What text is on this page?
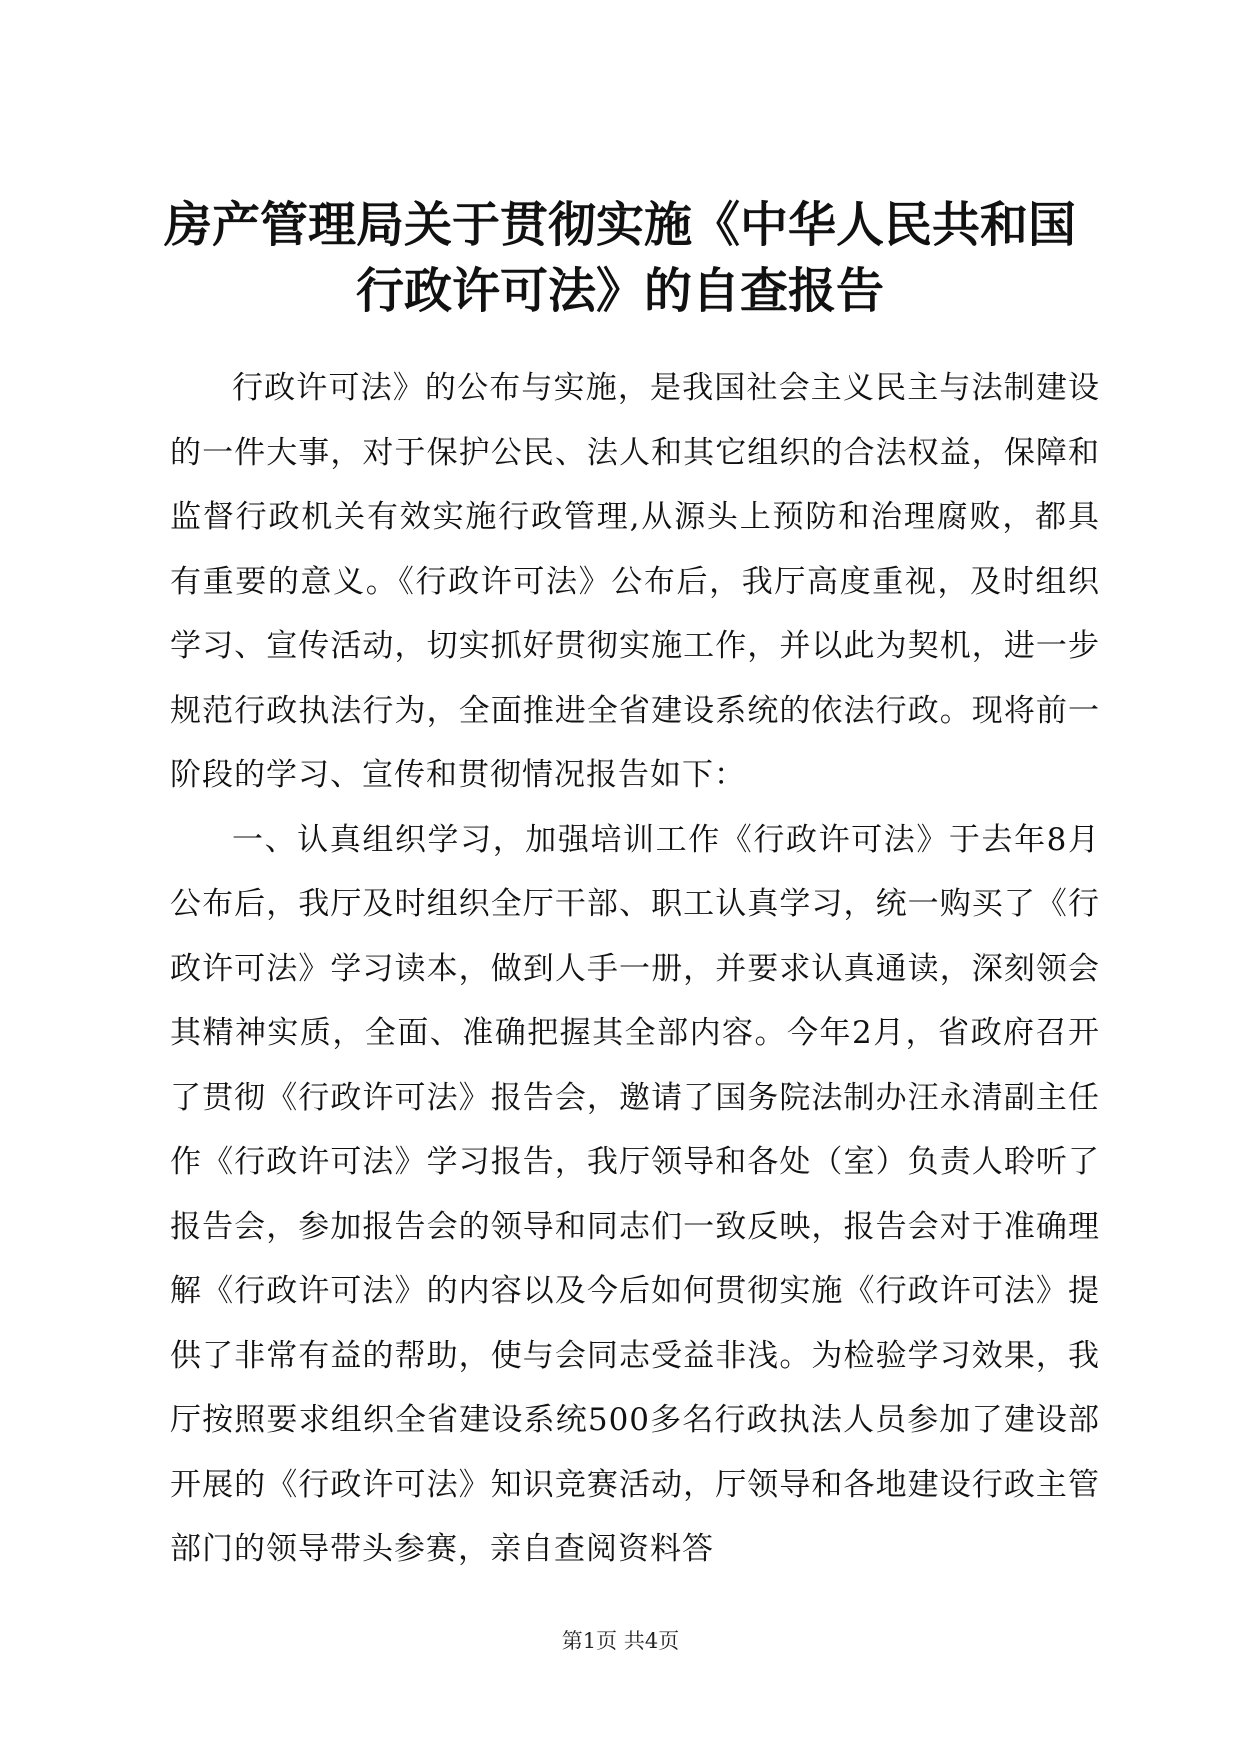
房产管理局关于贯彻实施《中华人民共和国行政许可法》的自查报告

行政许可法》的公布与实施，是我国社会主义民主与法制建设的一件大事，对于保护公民、法人和其它组织的合法权益，保障和监督行政机关有效实施行政管理,从源头上预防和治理腐败，都具有重要的意义。《行政许可法》公布后，我厅高度重视，及时组织学习、宣传活动，切实抓好贯彻实施工作，并以此为契机，进一步规范行政执法行为，全面推进全省建设系统的依法行政。现将前一阶段的学习、宣传和贯彻情况报告如下：

一、认真组织学习，加强培训工作《行政许可法》于去年8月公布后，我厅及时组织全厅干部、职工认真学习，统一购买了《行政许可法》学习读本，做到人手一册，并要求认真通读，深刻领会其精神实质，全面、准确把握其全部内容。今年2月，省政府召开了贯彻《行政许可法》报告会，邀请了国务院法制办汪永清副主任作《行政许可法》学习报告，我厅领导和各处（室）负责人聆听了报告会，参加报告会的领导和同志们一致反映，报告会对于准确理解《行政许可法》的内容以及今后如何贯彻实施《行政许可法》提供了非常有益的帮助，使与会同志受益非浅。为检验学习效果，我厅按照要求组织全省建设系统500多名行政执法人员参加了建设部开展的《行政许可法》知识竞赛活动，厅领导和各地建设行政主管部门的领导带头参赛，亲自查阅资料答

第1页 共4页
